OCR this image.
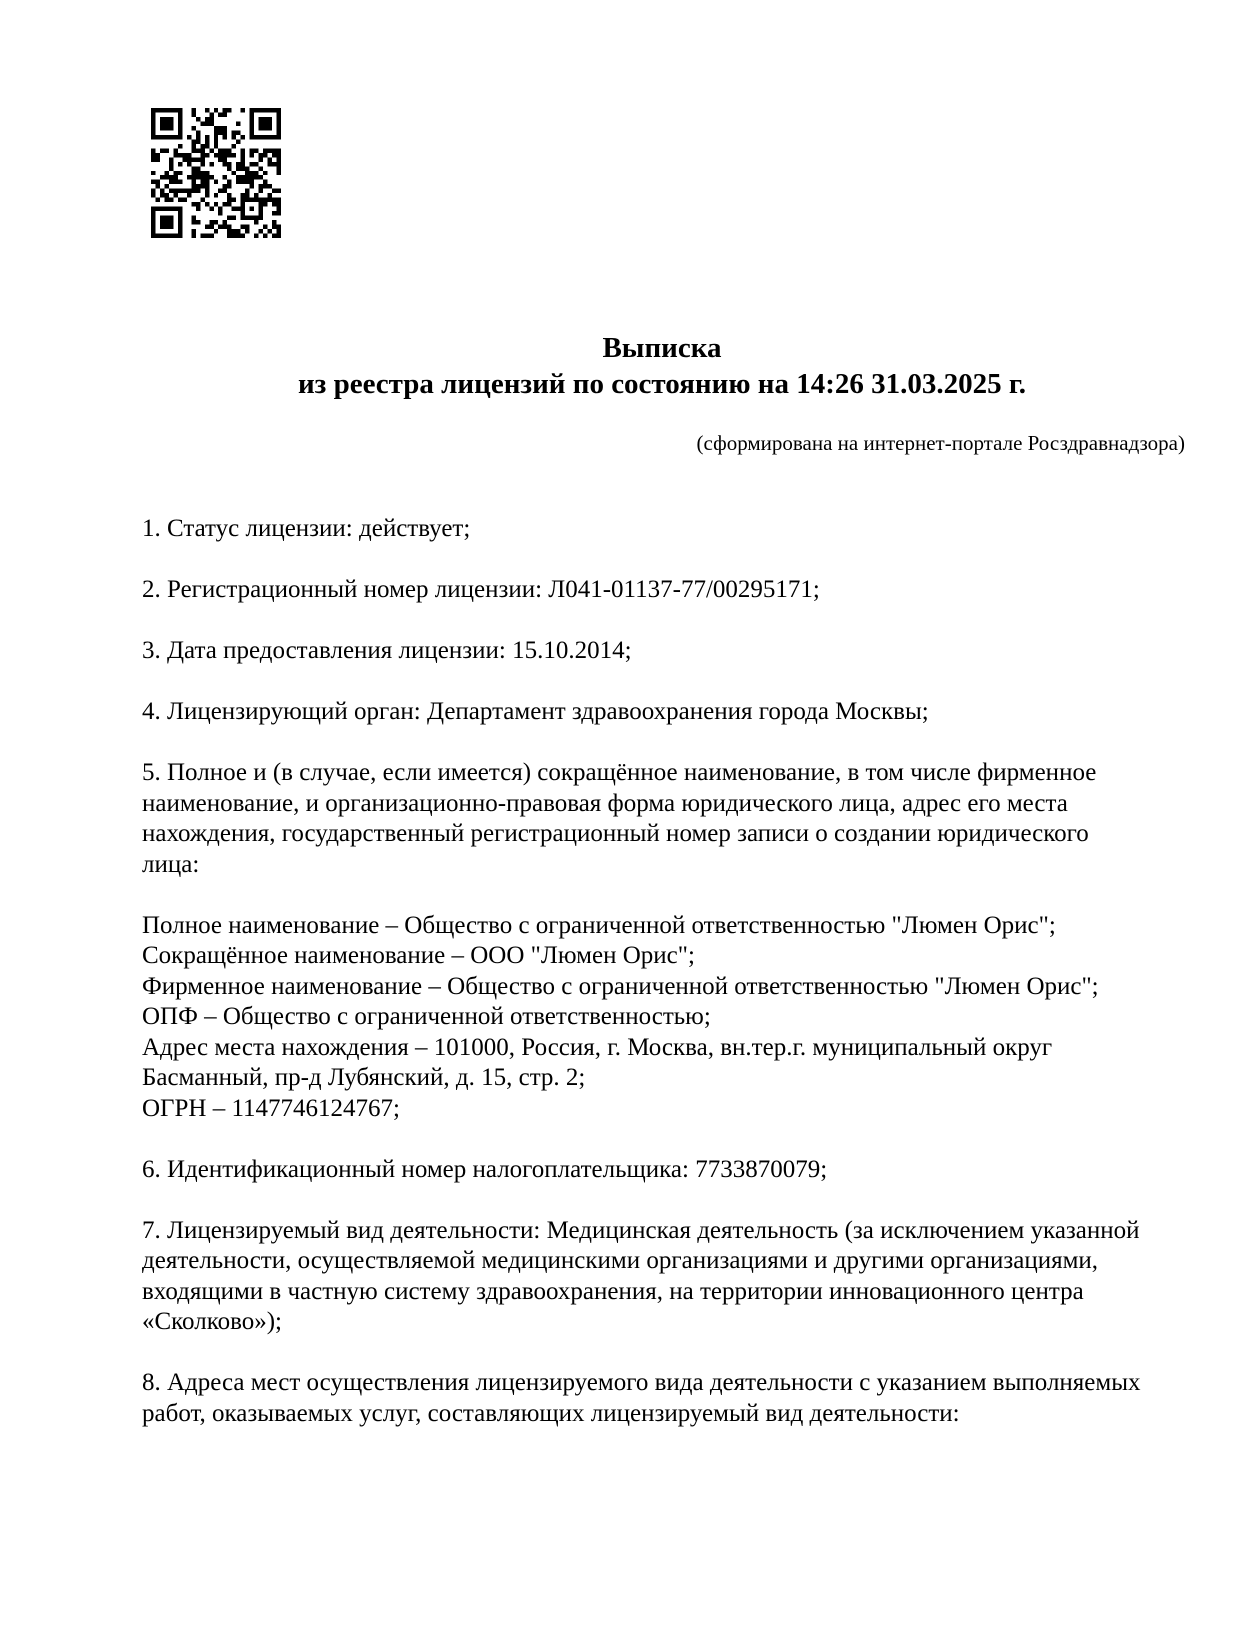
Выписка
из реестра лицензий по состоянию на 14:26 31.03.2025 г.
(сформирована на интернет-портале Росздравнадзора)

1. Статус лицензии: действует;

2. Регистрационный номер лицензии: Л041-01137-77/00295171;

3. Дата предоставления лицензии: 15.10.2014;

4. Лицензирующий орган: Департамент здравоохранения города Москвы;

5. Полное и (в случае, если имеется) сокращённое наименование, в том числе фирменное наименование, и организационно-правовая форма юридического лица, адрес его места нахождения, государственный регистрационный номер записи о создании юридического лица:

Полное наименование – Общество с ограниченной ответственностью "Люмен Орис";
Сокращённое наименование – ООО "Люмен Орис";
Фирменное наименование – Общество с ограниченной ответственностью "Люмен Орис";
ОПФ – Общество с ограниченной ответственностью;
Адрес места нахождения – 101000, Россия, г. Москва, вн.тер.г. муниципальный округ Басманный, пр-д Лубянский, д. 15, стр. 2;
ОГРН – 1147746124767;

6. Идентификационный номер налогоплательщика: 7733870079;

7. Лицензируемый вид деятельности: Медицинская деятельность (за исключением указанной деятельности, осуществляемой медицинскими организациями и другими организациями, входящими в частную систему здравоохранения, на территории инновационного центра «Сколково»);

8. Адреса мест осуществления лицензируемого вида деятельности с указанием выполняемых работ, оказываемых услуг, составляющих лицензируемый вид деятельности:
